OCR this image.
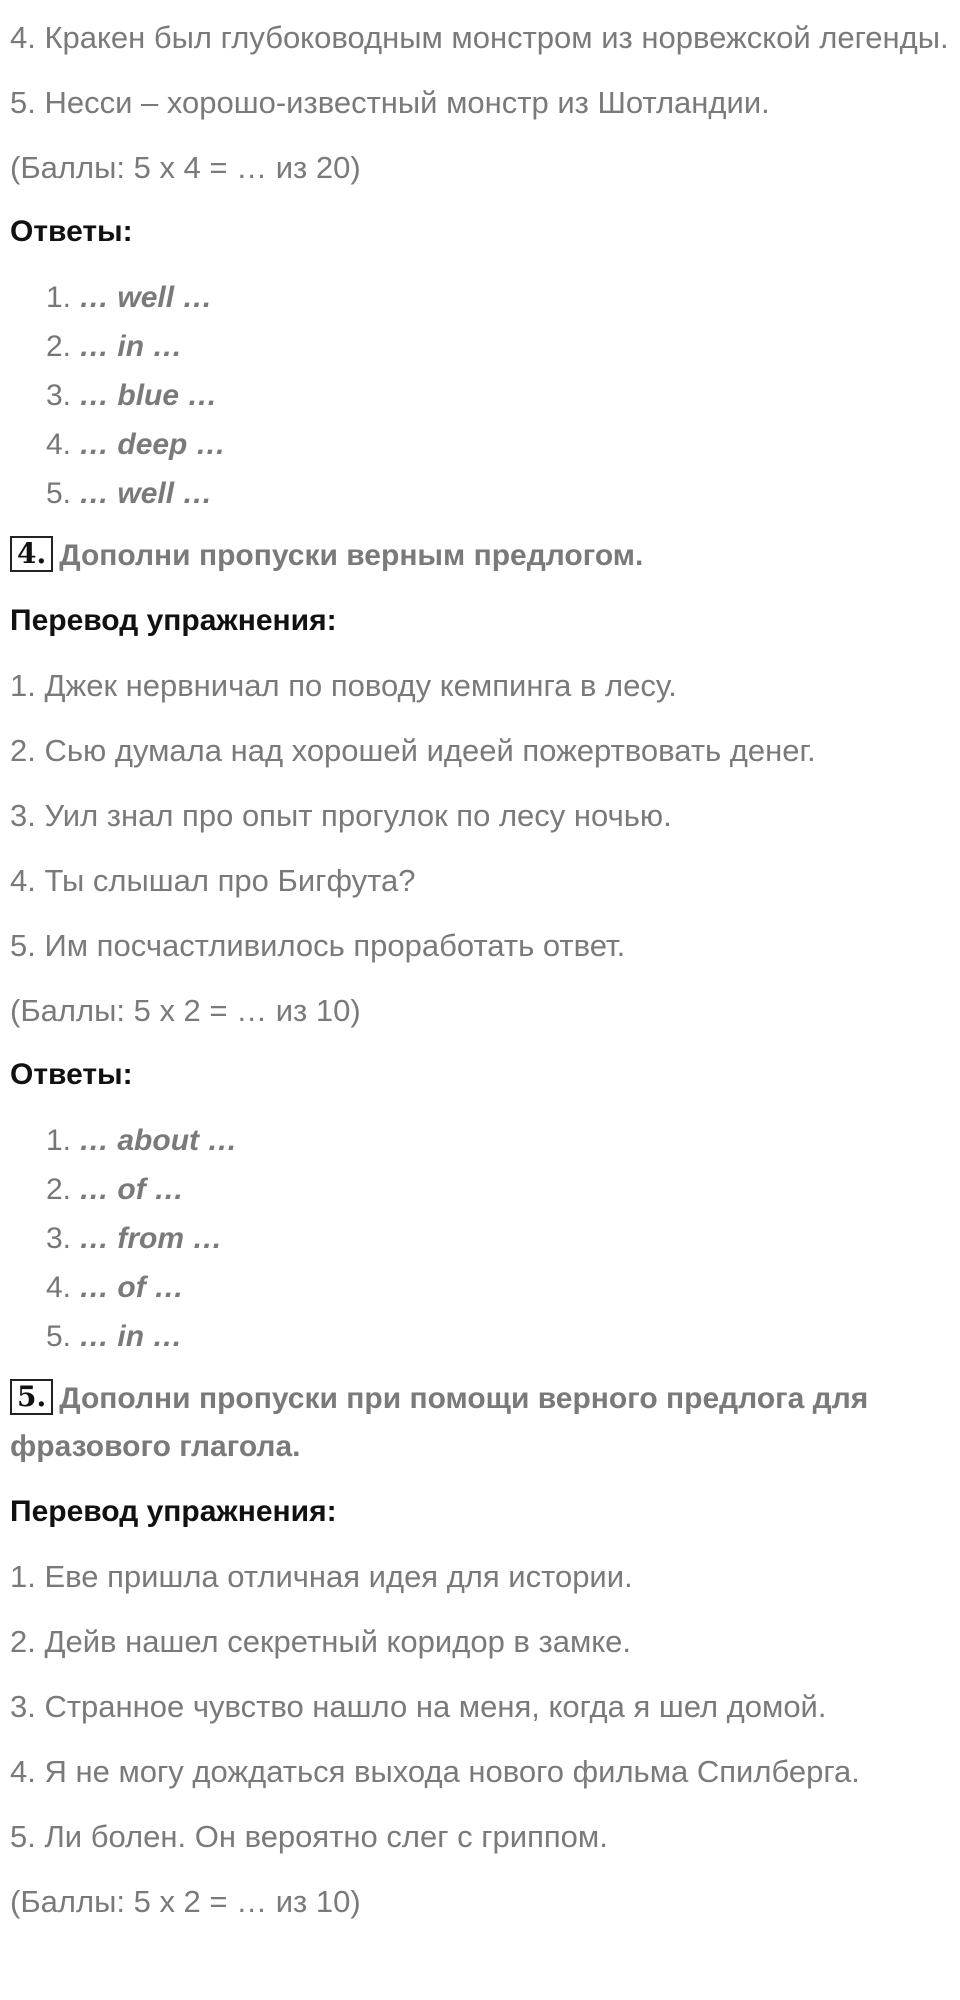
4. Кракен был глубоководным монстром из норвежской легенды.

5. Несси – хорошо-известный монстр из Шотландии.

(Баллы: 5 х 4 = … из 20)

Ответы:

1. … well …
2. … in …
3. … blue …
4. … deep …
5. … well …

4. Дополни пропуски верным предлогом.

Перевод упражнения:

1. Джек нервничал по поводу кемпинга в лесу.

2. Сью думала над хорошей идеей пожертвовать денег.

3. Уил знал про опыт прогулок по лесу ночью.

4. Ты слышал про Бигфута?

5. Им посчастливилось проработать ответ.

(Баллы: 5 х 2 = … из 10)

Ответы:

1. … about …
2. … of …
3. … from …
4. … of …
5. … in …

5. Дополни пропуски при помощи верного предлога для фразового глагола.

Перевод упражнения:

1. Еве пришла отличная идея для истории.

2. Дейв нашел секретный коридор в замке.

3. Странное чувство нашло на меня, когда я шел домой.

4. Я не могу дождаться выхода нового фильма Спилберга.

5. Ли болен. Он вероятно слег с гриппом.

(Баллы: 5 х 2 = … из 10)
